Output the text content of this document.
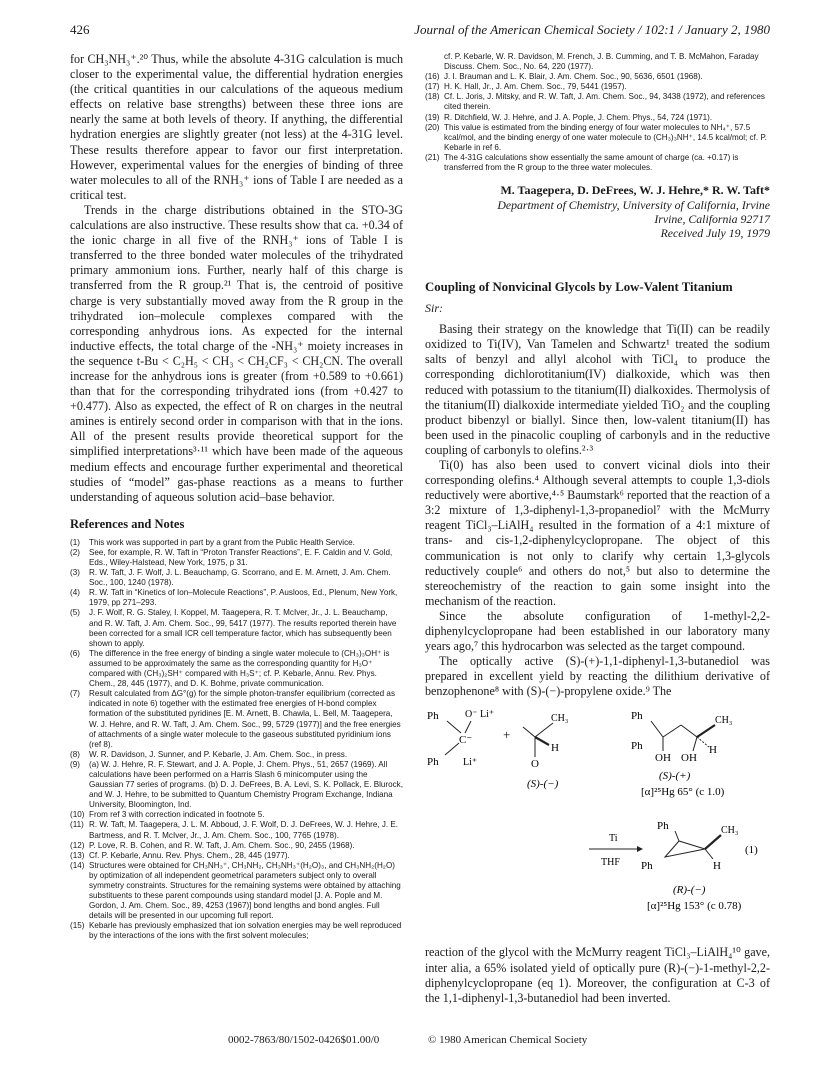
426	Journal of the American Chemical Society / 102:1 / January 2, 1980

for CH₃NH₃⁺.²⁰ Thus, while the absolute 4-31G calculation is much closer to the experimental value, the differential hydration energies (the critical quantities in our calculations of the aqueous medium effects on relative base strengths) between these three ions are nearly the same at both levels of theory. If anything, the differential hydration energies are slightly greater (not less) at the 4-31G level. These results therefore appear to favor our first interpretation. However, experimental values for the energies of binding of three water molecules to all of the RNH₃⁺ ions of Table I are needed as a critical test.

Trends in the charge distributions obtained in the STO-3G calculations are also instructive. These results show that ca. +0.34 of the ionic charge in all five of the RNH₃⁺ ions of Table I is transferred to the three bonded water molecules of the trihydrated primary ammonium ions. Further, nearly half of this charge is transferred from the R group.²¹ That is, the centroid of positive charge is very substantially moved away from the R group in the trihydrated ion–molecule complexes compared with the corresponding anhydrous ions. As expected for the internal inductive effects, the total charge of the -NH₃⁺ moiety increases in the sequence t-Bu < C₂H₅ < CH₃ < CH₂CF₃ < CH₂CN. The overall increase for the anhydrous ions is greater (from +0.589 to +0.661) than that for the corresponding trihydrated ions (from +0.427 to +0.477). Also as expected, the effect of R on charges in the neutral amines is entirely second order in comparison with that in the ions. All of the present results provide theoretical support for the simplified interpretations³·¹¹ which have been made of the aqueous medium effects and encourage further experimental and theoretical studies of “model” gas-phase reactions as a means to further understanding of aqueous solution acid–base behavior.

References and Notes
(1) This work was supported in part by a grant from the Public Health Service.
(2) See, for example, R. W. Taft in “Proton Transfer Reactions”, E. F. Caldin and V. Gold, Eds., Wiley-Halstead, New York, 1975, p 31.
(3) R. W. Taft, J. F. Wolf, J. L. Beauchamp, G. Scorrano, and E. M. Arnett, J. Am. Chem. Soc., 100, 1240 (1978).
(4) R. W. Taft in “Kinetics of Ion–Molecule Reactions”, P. Ausloos, Ed., Plenum, New York, 1979, pp 271–293.
(5) J. F. Wolf, R. G. Staley, I. Koppel, M. Taagepera, R. T. McIver, Jr., J. L. Beauchamp, and R. W. Taft, J. Am. Chem. Soc., 99, 5417 (1977). The results reported therein have been corrected for a small ICR cell temperature factor, which has subsequently been shown to apply.
(6) The difference in the free energy of binding a single water molecule to (CH₃)₃OH⁺ is assumed to be approximately the same as the corresponding quantity for H₃O⁺ compared with (CH₃)₂SH⁺ compared with H₃S⁺; cf. P. Kebarle, Annu. Rev. Phys. Chem., 28, 445 (1977), and D. K. Bohme, private communication.
(7) Result calculated from ΔG°(g) for the simple photon-transfer equilibrium (corrected as indicated in note 6) together with the estimated free energies of H-bond complex formation of the substituted pyridines [E. M. Arnett, B. Chawla, L. Bell, M. Taagepera, W. J. Hehre, and R. W. Taft, J. Am. Chem. Soc., 99, 5729 (1977)] and the free energies of attachments of a single water molecule to the gaseous substituted pyridinium ions (ref 8).
(8) W. R. Davidson, J. Sunner, and P. Kebarle, J. Am. Chem. Soc., in press.
(9) (a) W. J. Hehre, R. F. Stewart, and J. A. Pople, J. Chem. Phys., 51, 2657 (1969). All calculations have been performed on a Harris Slash 6 minicomputer using the Gaussian 77 series of programs. (b) D. J. DeFrees, B. A. Levi, S. K. Pollack, E. Blurock, and W. J. Hehre, to be submitted to Quantum Chemistry Program Exchange, Indiana University, Bloomington, Ind.
(10) From ref 3 with correction indicated in footnote 5.
(11) R. W. Taft, M. Taagepera, J. L. M. Abboud, J. F. Wolf, D. J. DeFrees, W. J. Hehre, J. E. Bartmess, and R. T. McIver, Jr., J. Am. Chem. Soc., 100, 7765 (1978).
(12) P. Love, R. B. Cohen, and R. W. Taft, J. Am. Chem. Soc., 90, 2455 (1968).
(13) Cf. P. Kebarle, Annu. Rev. Phys. Chem., 28, 445 (1977).
(14) Structures were obtained for CH₃NH₃⁺, CH₃NH₂, CH₃NH₃⁺(H₂O)₃, and CH₃NH₂(H₂O) by optimization of all independent geometrical parameters subject only to overall symmetry constraints. Structures for the remaining systems were obtained by attaching substituents to these parent compounds using standard model [J. A. Pople and M. Gordon, J. Am. Chem. Soc., 89, 4253 (1967)] bond lengths and bond angles. Full details will be presented in our upcoming full report.
(15) Kebarle has previously emphasized that ion solvation energies may be well reproduced by the interactions of the ions with the first solvent molecules;
cf. P. Kebarle, W. R. Davidson, M. French, J. B. Cumming, and T. B. McMahon, Faraday Discuss. Chem. Soc., No. 64, 220 (1977).
(16) J. I. Brauman and L. K. Blair, J. Am. Chem. Soc., 90, 5636, 6501 (1968).
(17) H. K. Hall, Jr., J. Am. Chem. Soc., 79, 5441 (1957).
(18) Cf. L. Joris, J. Mitsky, and R. W. Taft, J. Am. Chem. Soc., 94, 3438 (1972), and references cited therein.
(19) R. Ditchfield, W. J. Hehre, and J. A. Pople, J. Chem. Phys., 54, 724 (1971).
(20) This value is estimated from the binding energy of four water molecules to NH₄⁺, 57.5 kcal/mol, and the binding energy of one water molecule to (CH₃)₃NH⁺, 14.5 kcal/mol; cf. P. Kebarle in ref 6.
(21) The 4-31G calculations show essentially the same amount of charge (ca. +0.17) is transferred from the R group to the three water molecules.
M. Taagepera, D. DeFrees, W. J. Hehre,* R. W. Taft*
Department of Chemistry, University of California, Irvine
Irvine, California 92717
Received July 19, 1979
Coupling of Nonvicinal Glycols by Low-Valent Titanium
Sir:

Basing their strategy on the knowledge that Ti(II) can be readily oxidized to Ti(IV), Van Tamelen and Schwartz¹ treated the sodium salts of benzyl and allyl alcohol with TiCl₄ to produce the corresponding dichlorotitanium(IV) dialkoxide, which was then reduced with potassium to the titanium(II) dialkoxides. Thermolysis of the titanium(II) dialkoxide intermediate yielded TiO₂ and the coupling product bibenzyl or biallyl. Since then, low-valent titanium(II) has been used in the pinacolic coupling of carbonyls and in the reductive coupling of carbonyls to olefins.²·³

Ti(0) has also been used to convert vicinal diols into their corresponding olefins.⁴ Although several attempts to couple 1,3-diols reductively were abortive,⁴·⁵ Baumstark⁶ reported that the reaction of a 3:2 mixture of 1,3-diphenyl-1,3-propanediol⁷ with the McMurry reagent TiCl₃–LiAlH₄ resulted in the formation of a 4:1 mixture of trans- and cis-1,2-diphenylcyclopropane. The object of this communication is not only to clarify why certain 1,3-glycols reductively couple⁶ and others do not,⁵ but also to determine the stereochemistry of the reaction to gain some insight into the mechanism of the reaction.

Since the absolute configuration of 1-methyl-2,2-diphenylcyclopropane had been established in our laboratory many years ago,⁷ this hydrocarbon was selected as the target compound.

The optically active (S)-(+)-1,1-diphenyl-1,3-butanediol was prepared in excellent yield by reacting the dilithium derivative of benzophenone⁸ with (S)-(−)-propylene oxide.⁹ The

Ph	O⁻ Li⁺
C⁻
Ph Li⁺
+
CH₃
H
O
(S)-(−)
Ph	CH₃
H
Ph
OH OH
(S)-(+)
[α]²⁵Hg 65° (c 1.0)
Ti
THF
Ph	CH₃
H
Ph
(1)
(R)-(−)
[α]²⁵Hg 153° (c 0.78)

reaction of the glycol with the McMurry reagent TiCl₃–LiAlH₄¹⁰ gave, inter alia, a 65% isolated yield of optically pure (R)-(−)-1-methyl-2,2-diphenylcyclopropane (eq 1). Moreover, the configuration at C-3 of the 1,1-diphenyl-1,3-butanediol had been inverted.

0002-7863/80/1502-0426$01.00/0	© 1980 American Chemical Society
